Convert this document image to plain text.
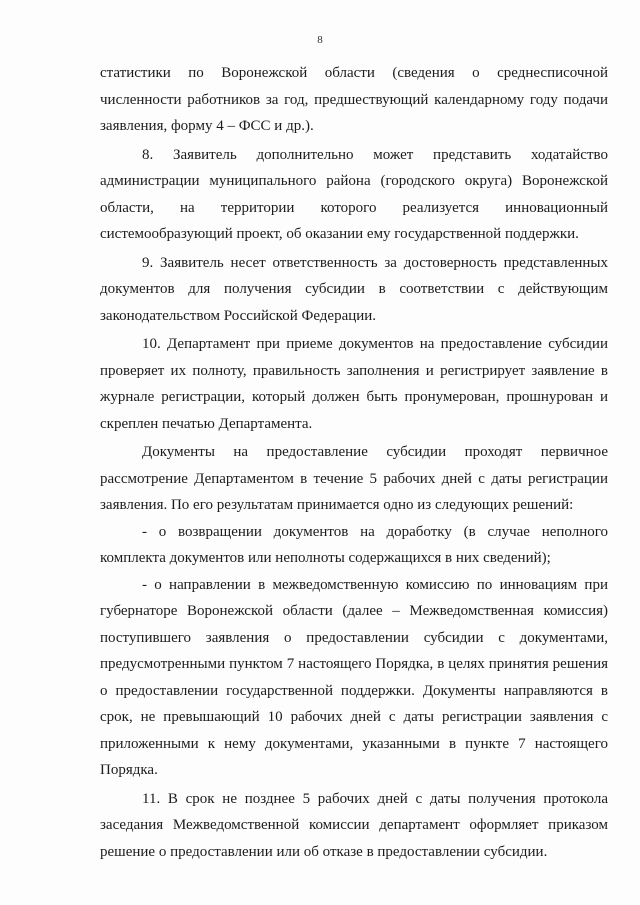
8

статистики по Воронежской области (сведения о среднесписочной численности работников за год, предшествующий календарному году подачи заявления, форму 4 – ФСС и др.).

8. Заявитель дополнительно может представить ходатайство администрации муниципального района (городского округа) Воронежской области, на территории которого реализуется инновационный системообразующий проект, об оказании ему государственной поддержки.

9. Заявитель несет ответственность за достоверность представленных документов для получения субсидии в соответствии с действующим законодательством Российской Федерации.

10. Департамент при приеме документов на предоставление субсидии проверяет их полноту, правильность заполнения и регистрирует заявление в журнале регистрации, который должен быть пронумерован, прошнурован и скреплен печатью Департамента.

Документы на предоставление субсидии проходят первичное рассмотрение Департаментом в течение 5 рабочих дней с даты регистрации заявления. По его результатам принимается одно из следующих решений:

- о возвращении документов на доработку (в случае неполного комплекта документов или неполноты содержащихся в них сведений);

- о направлении в межведомственную комиссию по инновациям при губернаторе Воронежской области (далее – Межведомственная комиссия) поступившего заявления о предоставлении субсидии с документами, предусмотренными пунктом 7 настоящего Порядка, в целях принятия решения о предоставлении государственной поддержки. Документы направляются в срок, не превышающий 10 рабочих дней с даты регистрации заявления с приложенными к нему документами, указанными в пункте 7 настоящего Порядка.

11. В срок не позднее 5 рабочих дней с даты получения протокола заседания Межведомственной комиссии департамент оформляет приказом решение о предоставлении или об отказе в предоставлении субсидии.
